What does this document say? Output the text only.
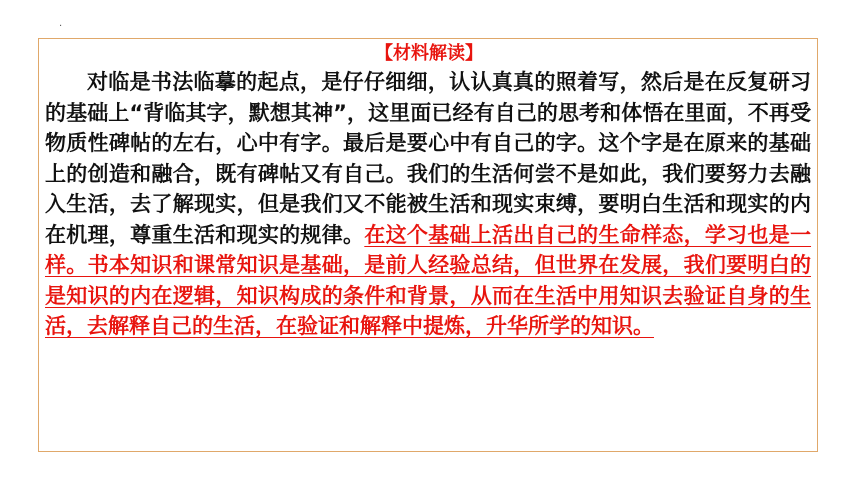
.
【材料解读】
对临是书法临摹的起点，是仔仔细细，认认真真的照着写，然后是在反复研习的基础上“背临其字，默想其神”，这里面已经有自己的思考和体悟在里面，不再受物质性碑帖的左右，心中有字。最后是要心中有自己的字。这个字是在原来的基础上的创造和融合，既有碑帖又有自己。我们的生活何尝不是如此，我们要努力去融入生活，去了解现实，但是我们又不能被生活和现实束缚，要明白生活和现实的内在机理，尊重生活和现实的规律。在这个基础上活出自己的生命样态，学习也是一样。书本知识和课常知识是基础，是前人经验总结，但世界在发展，我们要明白的是知识的内在逻辑，知识构成的条件和背景，从而在生活中用知识去验证自身的生活，去解释自己的生活，在验证和解释中提炼，升华所学的知识。
